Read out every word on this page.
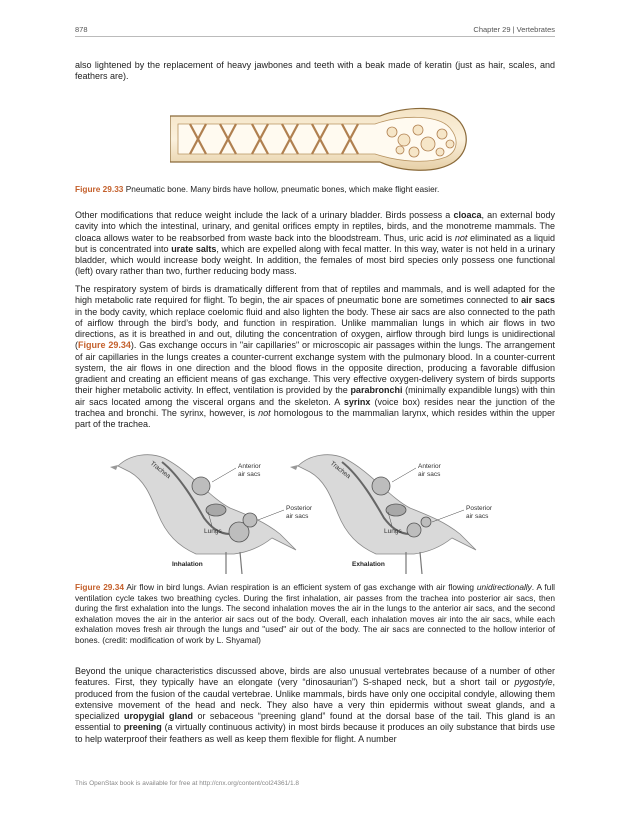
878	Chapter 29 | Vertebrates
also lightened by the replacement of heavy jawbones and teeth with a beak made of keratin (just as hair, scales, and feathers are).
Figure 29.33 Pneumatic bone. Many birds have hollow, pneumatic bones, which make flight easier.
Other modifications that reduce weight include the lack of a urinary bladder. Birds possess a cloaca, an external body cavity into which the intestinal, urinary, and genital orifices empty in reptiles, birds, and the monotreme mammals. The cloaca allows water to be reabsorbed from waste back into the bloodstream. Thus, uric acid is not eliminated as a liquid but is concentrated into urate salts, which are expelled along with fecal matter. In this way, water is not held in a urinary bladder, which would increase body weight. In addition, the females of most bird species only possess one functional (left) ovary rather than two, further reducing body mass.
The respiratory system of birds is dramatically different from that of reptiles and mammals, and is well adapted for the high metabolic rate required for flight. To begin, the air spaces of pneumatic bone are sometimes connected to air sacs in the body cavity, which replace coelomic fluid and also lighten the body. These air sacs are also connected to the path of airflow through the bird’s body, and function in respiration. Unlike mammalian lungs in which air flows in two directions, as it is breathed in and out, diluting the concentration of oxygen, airflow through bird lungs is unidirectional (Figure 29.34). Gas exchange occurs in "air capillaries" or microscopic air passages within the lungs. The arrangement of air capillaries in the lungs creates a counter-current exchange system with the pulmonary blood. In a counter-current system, the air flows in one direction and the blood flows in the opposite direction, producing a favorable diffusion gradient and creating an efficient means of gas exchange. This very effective oxygen-delivery system of birds supports their higher metabolic activity. In effect, ventilation is provided by the parabronchi (minimally expandible lungs) with thin air sacs located among the visceral organs and the skeleton. A syrinx (voice box) resides near the junction of the trachea and bronchi. The syrinx, however, is not homologous to the mammalian larynx, which resides within the upper part of the trachea.
Trachea	Anterior
air sacs
Posterior
air sacs
Lungs
Inhalation
Trachea	Anterior
air sacs
Posterior
air sacs
Lungs
Exhalation
Figure 29.34 Air flow in bird lungs. Avian respiration is an efficient system of gas exchange with air flowing unidirectionally. A full ventilation cycle takes two breathing cycles. During the first inhalation, air passes from the trachea into posterior air sacs, then during the first exhalation into the lungs. The second inhalation moves the air in the lungs to the anterior air sacs, and the second exhalation moves the air in the anterior air sacs out of the body. Overall, each inhalation moves air into the air sacs, while each exhalation moves fresh air through the lungs and "used" air out of the body. The air sacs are connected to the hollow interior of bones. (credit: modification of work by L. Shyamal)
Beyond the unique characteristics discussed above, birds are also unusual vertebrates because of a number of other features. First, they typically have an elongate (very “dinosaurian”) S-shaped neck, but a short tail or pygostyle, produced from the fusion of the caudal vertebrae. Unlike mammals, birds have only one occipital condyle, allowing them extensive movement of the head and neck. They also have a very thin epidermis without sweat glands, and a specialized uropygial gland or sebaceous “preening gland” found at the dorsal base of the tail. This gland is an essential to preening (a virtually continuous activity) in most birds because it produces an oily substance that birds use to help waterproof their feathers as well as keep them flexible for flight. A number
This OpenStax book is available for free at http://cnx.org/content/col24361/1.8
